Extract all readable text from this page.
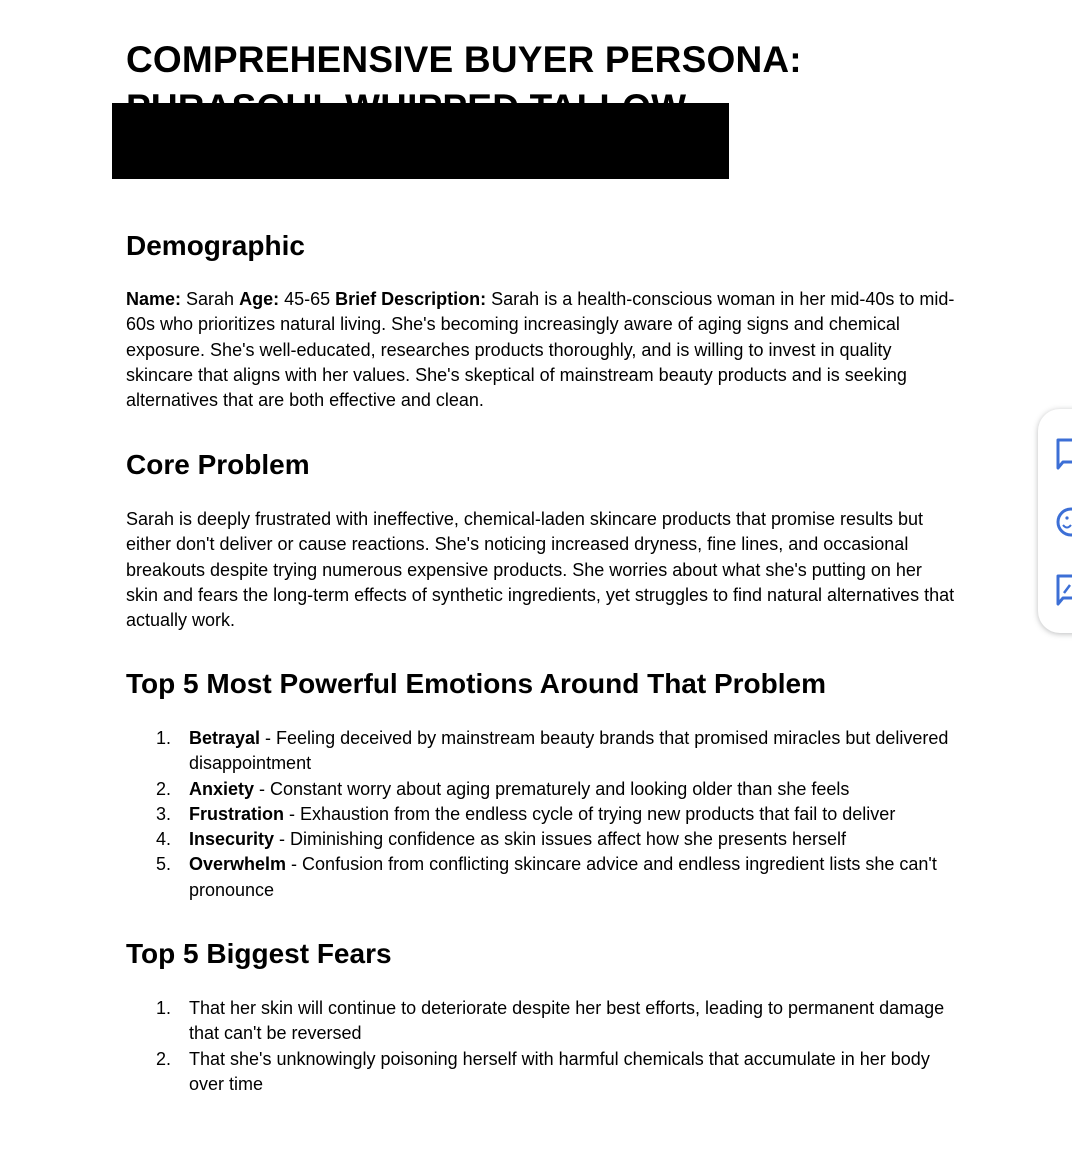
COMPREHENSIVE BUYER PERSONA:
Demographic

Name: Sarah Age: 45-65 Brief Description: Sarah is a health-conscious woman in her mid-40s to mid-60s who prioritizes natural living. She's becoming increasingly aware of aging signs and chemical exposure. She's well-educated, researches products thoroughly, and is willing to invest in quality skincare that aligns with her values. She's skeptical of mainstream beauty products and is seeking alternatives that are both effective and clean.

Core Problem

Sarah is deeply frustrated with ineffective, chemical-laden skincare products that promise results but either don't deliver or cause reactions. She's noticing increased dryness, fine lines, and occasional breakouts despite trying numerous expensive products. She worries about what she's putting on her skin and fears the long-term effects of synthetic ingredients, yet struggles to find natural alternatives that actually work.

Top 5 Most Powerful Emotions Around That Problem
1. Betrayal - Feeling deceived by mainstream beauty brands that promised miracles but delivered disappointment
2. Anxiety - Constant worry about aging prematurely and looking older than she feels
3. Frustration - Exhaustion from the endless cycle of trying new products that fail to deliver
4. Insecurity - Diminishing confidence as skin issues affect how she presents herself
5. Overwhelm - Confusion from conflicting skincare advice and endless ingredient lists she can't pronounce
Top 5 Biggest Fears
1. That her skin will continue to deteriorate despite her best efforts, leading to permanent damage that can't be reversed
2. That she's unknowingly poisoning herself with harmful chemicals that accumulate in her body over time
